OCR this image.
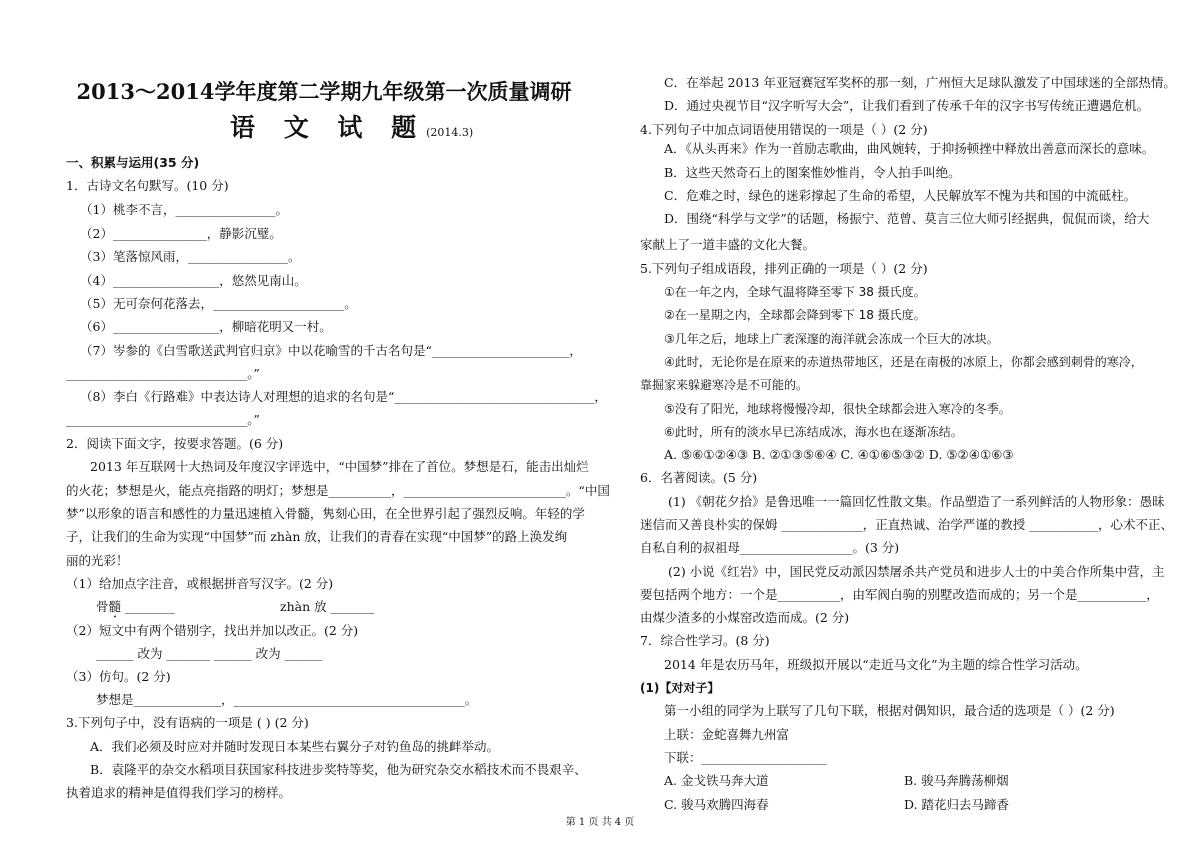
2013～2014学年度第二学期九年级第一次质量调研
语 文 试 题(2014.3)
一、积累与运用(35 分)
1．古诗文名句默写。(10 分)
（1）桃李不言，________________。
（2）_______________，静影沉璧。
（3）笔落惊风雨，________________。
（4）_________________，悠然见南山。
（5）无可奈何花落去，_____________________。
（6）_________________，柳暗花明又一村。
（7）岑参的《白雪歌送武判官归京》中以花喻雪的千古名句是“______________________，
_____________________________。”
（8）李白《行路难》中表达诗人对理想的追求的名句是“________________________________，
_____________________________。”
2．阅读下面文字，按要求答题。(6 分)
2013 年互联网十大热词及年度汉字评选中，“中国梦”排在了首位。梦想是石，能击出灿烂
的火花；梦想是火，能点亮指路的明灯；梦想是__________，__________________________。“中国
梦”以形象的语言和感性的力量迅速植入骨髓，隽刻心田，在全世界引起了强烈反响。年轻的学
子，让我们的生命为实现“中国梦”而 zhàn 放，让我们的青春在实现“中国梦”的路上涣发绚
丽的光彩！
（1）给加点字注音，或根据拼音写汉字。(2 分)
（2）短文中有两个错别字，找出并加以改正。(2 分)
______ 改为 _______ ______ 改为 ______
（3）仿句。(2 分)
梦想是______________，_____________________________________。
3.下列句子中，没有语病的一项是 ( ) (2 分)
A．我们必须及时应对并随时发现日本某些右翼分子对钓鱼岛的挑衅举动。
B．袁隆平的杂交水稻项目获国家科技进步奖特等奖，他为研究杂交水稻技术而不畏艰辛、
执着追求的精神是值得我们学习的榜样。
骨髓 ________	zhàn 放 _______
C．在举起 2013 年亚冠赛冠军奖杯的那一刻，广州恒大足球队激发了中国球迷的全部热情。
D．通过央视节目“汉字听写大会”，让我们看到了传承千年的汉字书写传统正遭遇危机。
4.下列句子中加点词语使用错误的一项是（ ）(2 分)
A．《从头再来》作为一首励志歌曲，曲风婉转，于抑扬顿挫中释放出善意而深长的意味。
B．这些天然奇石上的图案惟妙惟肖，令人拍手叫绝。
C．危难之时，绿色的迷彩撑起了生命的希望，人民解放军不愧为共和国的中流砥柱。
D．围绕“科学与文学”的话题，杨振宁、范曾、莫言三位大师引经据典，侃侃而谈，给大
家献上了一道丰盛的文化大餐。
5.下列句子组成语段，排列正确的一项是（ ）(2 分)
①在一年之内，全球气温将降至零下 38 摄氏度。
②在一星期之内，全球都会降到零下 18 摄氏度。
③几年之后，地球上广袤深邃的海洋就会冻成一个巨大的冰块。
④此时，无论你是在原来的赤道热带地区，还是在南极的冰原上，你都会感到刺骨的寒冷，
靠掘家来躲避寒冷是不可能的。
⑤没有了阳光，地球将慢慢冷却，很快全球都会进入寒冷的冬季。
⑥此时，所有的淡水早已冻结成冰，海水也在逐渐冻结。
A. ⑤⑥①②④③ B. ②①③⑤⑥④ C. ④①⑥⑤③② D. ⑤②④①⑥③
6．名著阅读。(5 分)
(1) 《朝花夕拾》是鲁迅唯一一篇回忆性散文集。作品塑造了一系列鲜活的人物形象：愚昧
迷信而又善良朴实的保姆 _____________，正直热诚、治学严谨的教授 ___________，心术不正、
自私自利的叔祖母__________________。(3 分)
(2) 小说《红岩》中，国民党反动派囚禁屠杀共产党员和进步人士的中美合作所集中营，主
要包括两个地方：一个是__________，由军阀白驹的别墅改造而成的；另一个是___________，
由煤少渣多的小煤窑改造而成。(2 分)
7．综合性学习。(8 分)
2014 年是农历马年，班级拟开展以“走近马文化”为主题的综合性学习活动。
第一小组的同学为上联写了几句下联，根据对偶知识，最合适的选项是（ ）(2 分)
上联：金蛇喜舞九州富
下联：____________________
A. 金戈铁马奔大道	B. 骏马奔腾荡柳烟
C. 骏马欢腾四海春	D. 踏花归去马蹄香
(1)【对对子】
第 1 页 共 4 页
